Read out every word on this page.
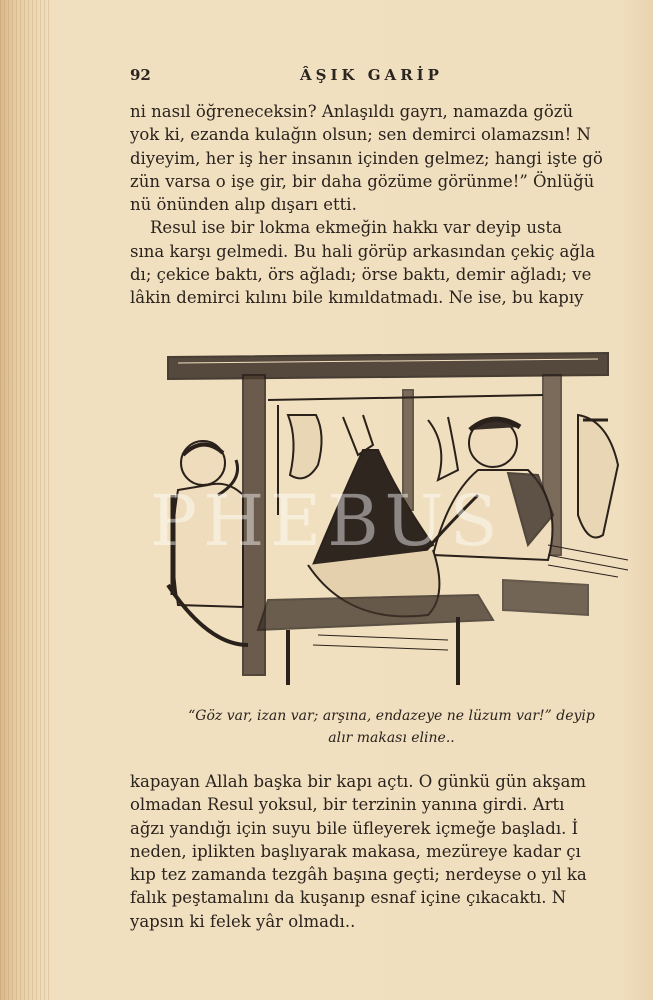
92	ÂŞIK GARİP
ni nasıl öğreneceksin? Anlaşıldı gayrı, namazda gözü
yok ki, ezanda kulağın olsun; sen demirci olamazsın! N
diyeyim, her iş her insanın içinden gelmez; hangi işte gö
zün varsa o işe gir, bir daha gözüme görünme!” Önlüğü
nü önünden alıp dışarı etti.
Resul ise bir lokma ekmeğin hakkı var deyip usta
sına karşı gelmedi. Bu hali görüp arkasından çekiç ağla
dı; çekice baktı, örs ağladı; örse baktı, demir ağladı; ve
lâkin demirci kılını bile kımıldatmadı. Ne ise, bu kapıy
PHEBUS
“Göz var, izan var; arşına, endazeye ne lüzum var!” deyip
alır makası eline..
kapayan Allah başka bir kapı açtı. O günkü gün akşam
olmadan Resul yoksul, bir terzinin yanına girdi. Artı
ağzı yandığı için suyu bile üfleyerek içmeğe başladı. İ
neden, iplikten başlıyarak makasa, mezüreye kadar çı
kıp tez zamanda tezgâh başına geçti; nerdeyse o yıl ka
falık peştamalını da kuşanıp esnaf içine çıkacaktı. N
yapsın ki felek yâr olmadı..
